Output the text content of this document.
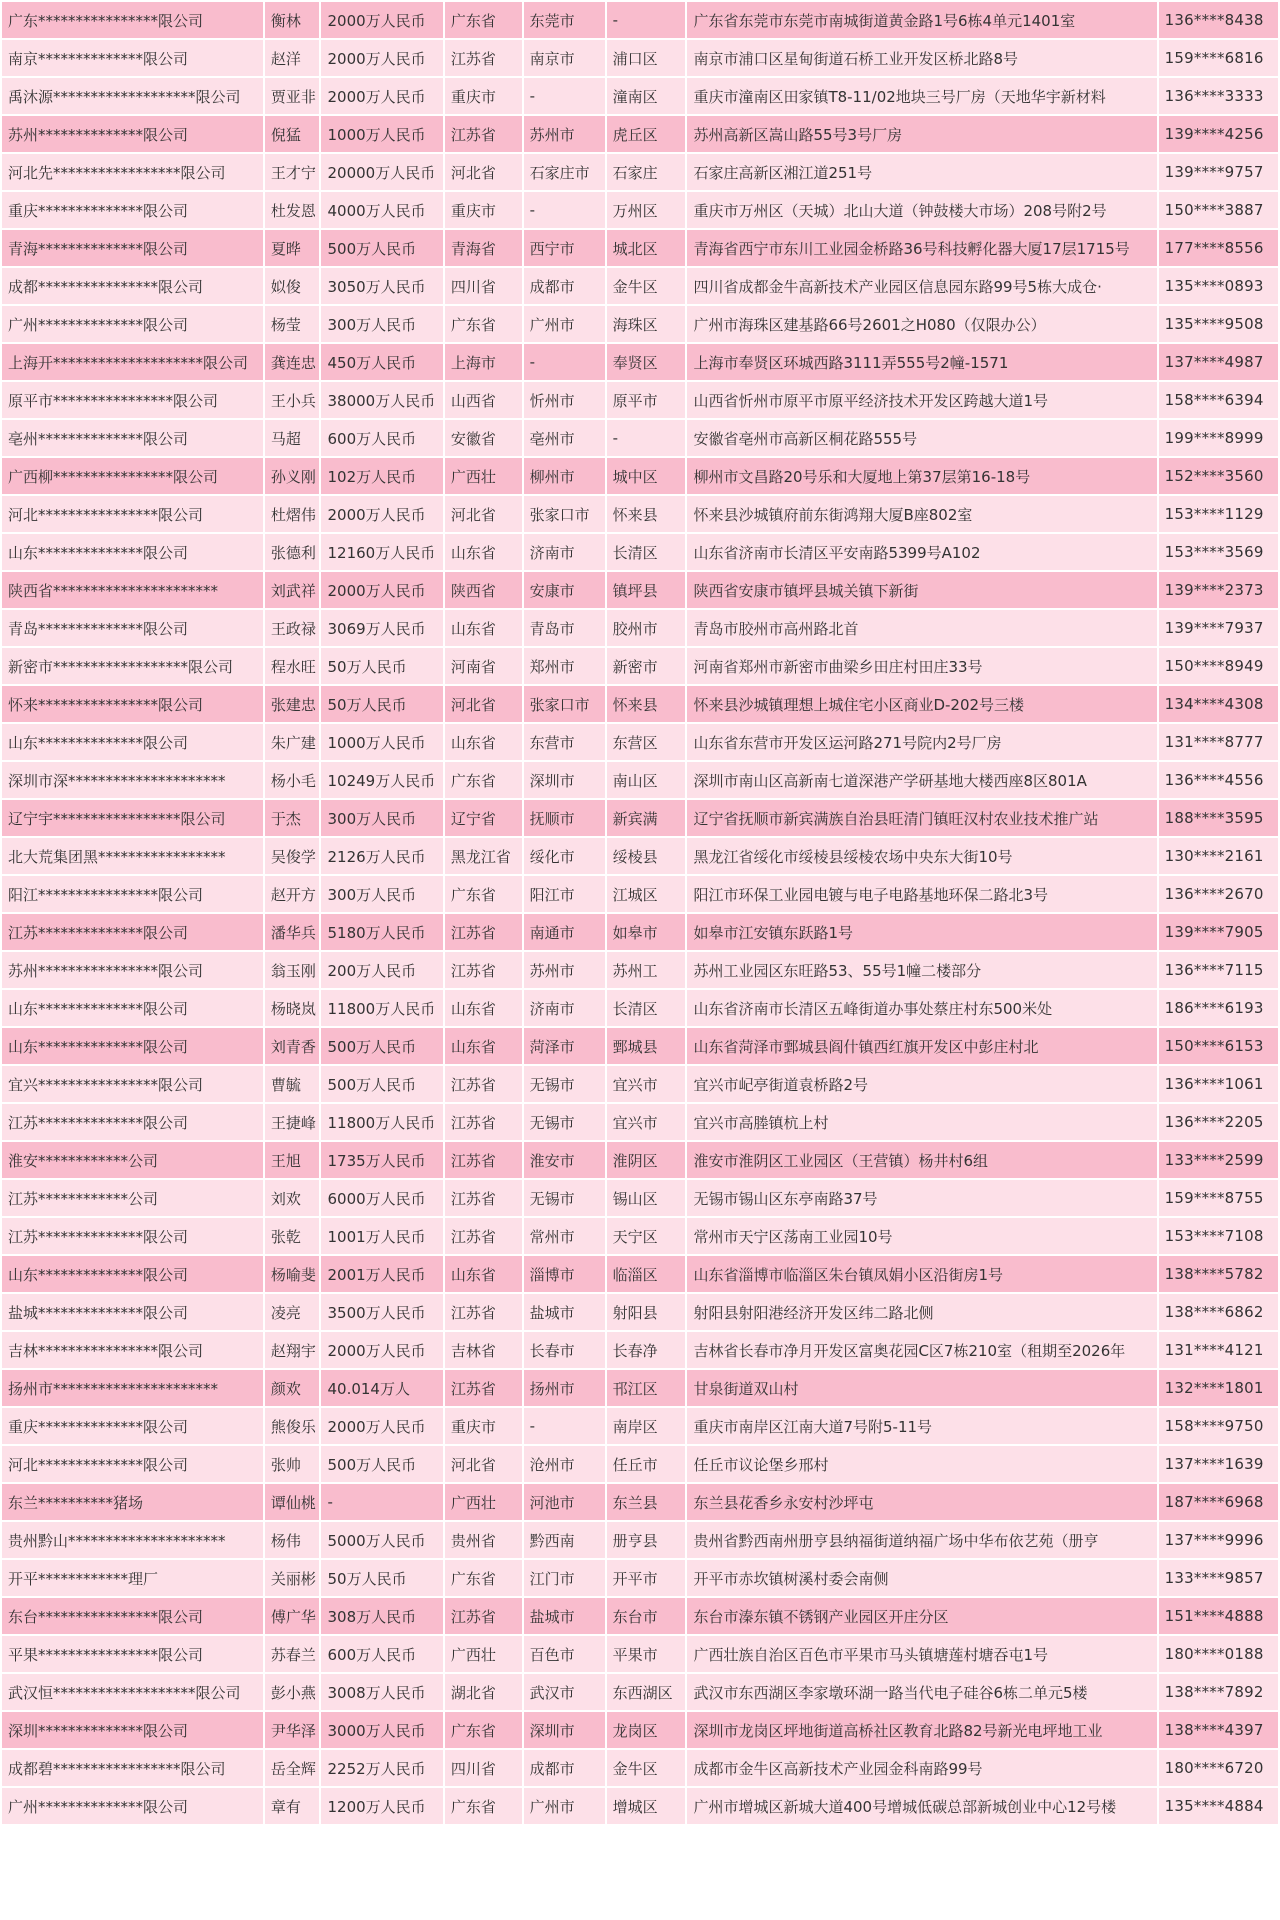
广东****************限公司	衡林	2000万人民币	广东省	东莞市	-	广东省东莞市东莞市南城街道黄金路1号6栋4单元1401室	136****8438
南京**************限公司	赵洋	2000万人民币	江苏省	南京市	浦口区	南京市浦口区星甸街道石桥工业开发区桥北路8号	159****6816
禹沐源*******************限公司	贾亚非	2000万人民币	重庆市	-	潼南区	重庆市潼南区田家镇T8-11/02地块三号厂房（天地华宇新材料	136****3333
苏州**************限公司	倪猛	1000万人民币	江苏省	苏州市	虎丘区	苏州高新区嵩山路55号3号厂房	139****4256
河北先*****************限公司	王才宁	20000万人民币	河北省	石家庄市	石家庄	石家庄高新区湘江道251号	139****9757
重庆**************限公司	杜发恩	4000万人民币	重庆市	-	万州区	重庆市万州区（天城）北山大道（钟鼓楼大市场）208号附2号	150****3887
青海**************限公司	夏晔	500万人民币	青海省	西宁市	城北区	青海省西宁市东川工业园金桥路36号科技孵化器大厦17层1715号	177****8556
成都****************限公司	姒俊	3050万人民币	四川省	成都市	金牛区	四川省成都金牛高新技术产业园区信息园东路99号5栋大成仓·	135****0893
广州**************限公司	杨莹	300万人民币	广东省	广州市	海珠区	广州市海珠区建基路66号2601之H080（仅限办公）	135****9508
上海开********************限公司	龚连忠	450万人民币	上海市	-	奉贤区	上海市奉贤区环城西路3111弄555号2幢-1571	137****4987
原平市****************限公司	王小兵	38000万人民币	山西省	忻州市	原平市	山西省忻州市原平市原平经济技术开发区跨越大道1号	158****6394
亳州**************限公司	马超	600万人民币	安徽省	亳州市	-	安徽省亳州市高新区桐花路555号	199****8999
广西柳****************限公司	孙义刚	102万人民币	广西壮	柳州市	城中区	柳州市文昌路20号乐和大厦地上第37层第16-18号	152****3560
河北****************限公司	杜熠伟	2000万人民币	河北省	张家口市	怀来县	怀来县沙城镇府前东街鸿翔大厦B座802室	153****1129
山东**************限公司	张德利	12160万人民币	山东省	济南市	长清区	山东省济南市长清区平安南路5399号A102	153****3569
陕西省**********************	刘武祥	2000万人民币	陕西省	安康市	镇坪县	陕西省安康市镇坪县城关镇下新街	139****2373
青岛**************限公司	王政禄	3069万人民币	山东省	青岛市	胶州市	青岛市胶州市高州路北首	139****7937
新密市******************限公司	程水旺	50万人民币	河南省	郑州市	新密市	河南省郑州市新密市曲梁乡田庄村田庄33号	150****8949
怀来****************限公司	张建忠	50万人民币	河北省	张家口市	怀来县	怀来县沙城镇理想上城住宅小区商业D-202号三楼	134****4308
山东**************限公司	朱广建	1000万人民币	山东省	东营市	东营区	山东省东营市开发区运河路271号院内2号厂房	131****8777
深圳市深*********************	杨小毛	10249万人民币	广东省	深圳市	南山区	深圳市南山区高新南七道深港产学研基地大楼西座8区801A	136****4556
辽宁宇*****************限公司	于杰	300万人民币	辽宁省	抚顺市	新宾满	辽宁省抚顺市新宾满族自治县旺清门镇旺汉村农业技术推广站	188****3595
北大荒集团黑*****************	吴俊学	2126万人民币	黑龙江省	绥化市	绥棱县	黑龙江省绥化市绥棱县绥棱农场中央东大街10号	130****2161
阳江****************限公司	赵开方	300万人民币	广东省	阳江市	江城区	阳江市环保工业园电镀与电子电路基地环保二路北3号	136****2670
江苏**************限公司	潘华兵	5180万人民币	江苏省	南通市	如皋市	如皋市江安镇东跃路1号	139****7905
苏州****************限公司	翁玉刚	200万人民币	江苏省	苏州市	苏州工	苏州工业园区东旺路53、55号1幢二楼部分	136****7115
山东**************限公司	杨晓岚	11800万人民币	山东省	济南市	长清区	山东省济南市长清区五峰街道办事处蔡庄村东500米处	186****6193
山东**************限公司	刘青香	500万人民币	山东省	菏泽市	鄄城县	山东省菏泽市鄄城县阎什镇西红旗开发区中彭庄村北	150****6153
宜兴****************限公司	曹毓	500万人民币	江苏省	无锡市	宜兴市	宜兴市屺亭街道袁桥路2号	136****1061
江苏**************限公司	王捷峰	11800万人民币	江苏省	无锡市	宜兴市	宜兴市高塍镇杭上村	136****2205
淮安************公司	王旭	1735万人民币	江苏省	淮安市	淮阴区	淮安市淮阴区工业园区（王营镇）杨井村6组	133****2599
江苏************公司	刘欢	6000万人民币	江苏省	无锡市	锡山区	无锡市锡山区东亭南路37号	159****8755
江苏**************限公司	张乾	1001万人民币	江苏省	常州市	天宁区	常州市天宁区荡南工业园10号	153****7108
山东**************限公司	杨喻斐	2001万人民币	山东省	淄博市	临淄区	山东省淄博市临淄区朱台镇凤娟小区沿街房1号	138****5782
盐城**************限公司	凌亮	3500万人民币	江苏省	盐城市	射阳县	射阳县射阳港经济开发区纬二路北侧	138****6862
吉林****************限公司	赵翔宇	2000万人民币	吉林省	长春市	长春净	吉林省长春市净月开发区富奥花园C区7栋210室（租期至2026年	131****4121
扬州市**********************	颜欢	40.014万人	江苏省	扬州市	邗江区	甘泉街道双山村	132****1801
重庆**************限公司	熊俊乐	2000万人民币	重庆市	-	南岸区	重庆市南岸区江南大道7号附5-11号	158****9750
河北**************限公司	张帅	500万人民币	河北省	沧州市	任丘市	任丘市议论堡乡邢村	137****1639
东兰**********猪场	谭仙桃	-	广西壮	河池市	东兰县	东兰县花香乡永安村沙坪屯	187****6968
贵州黔山*********************	杨伟	5000万人民币	贵州省	黔西南	册亨县	贵州省黔西南州册亨县纳福街道纳福广场中华布依艺苑（册亨	137****9996
开平************理厂	关丽彬	50万人民币	广东省	江门市	开平市	开平市赤坎镇树溪村委会南侧	133****9857
东台****************限公司	傅广华	308万人民币	江苏省	盐城市	东台市	东台市溱东镇不锈钢产业园区开庄分区	151****4888
平果****************限公司	苏春兰	600万人民币	广西壮	百色市	平果市	广西壮族自治区百色市平果市马头镇塘莲村塘吞屯1号	180****0188
武汉恒*******************限公司	彭小燕	3008万人民币	湖北省	武汉市	东西湖区	武汉市东西湖区李家墩环湖一路当代电子硅谷6栋二单元5楼	138****7892
深圳**************限公司	尹华泽	3000万人民币	广东省	深圳市	龙岗区	深圳市龙岗区坪地街道高桥社区教育北路82号新光电坪地工业	138****4397
成都碧*****************限公司	岳全辉	2252万人民币	四川省	成都市	金牛区	成都市金牛区高新技术产业园金科南路99号	180****6720
广州**************限公司	章有	1200万人民币	广东省	广州市	增城区	广州市增城区新城大道400号增城低碳总部新城创业中心12号楼	135****4884
